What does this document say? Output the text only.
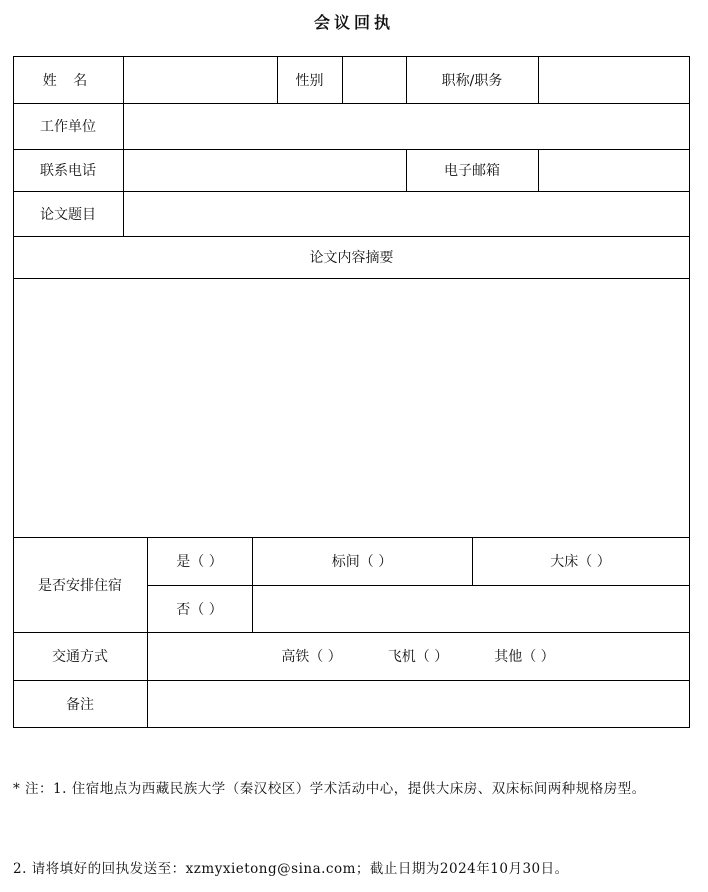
会议回执
姓 名	性别	职称/职务
工作单位
联系电话	电子邮箱
论文题目
论文内容摘要
是否安排住宿
是（ ）	标间（ ）	大床（ ）
否（ ）
交通方式	高铁（ ）	飞机（ ）	其他（ ）
备注
* 注：1. 住宿地点为西藏民族大学（秦汉校区）学术活动中心，提供大床房、双床标间两种规格房型。
2. 请将填好的回执发送至：xzmyxietong@sina.com；截止日期为2024年10月30日。
